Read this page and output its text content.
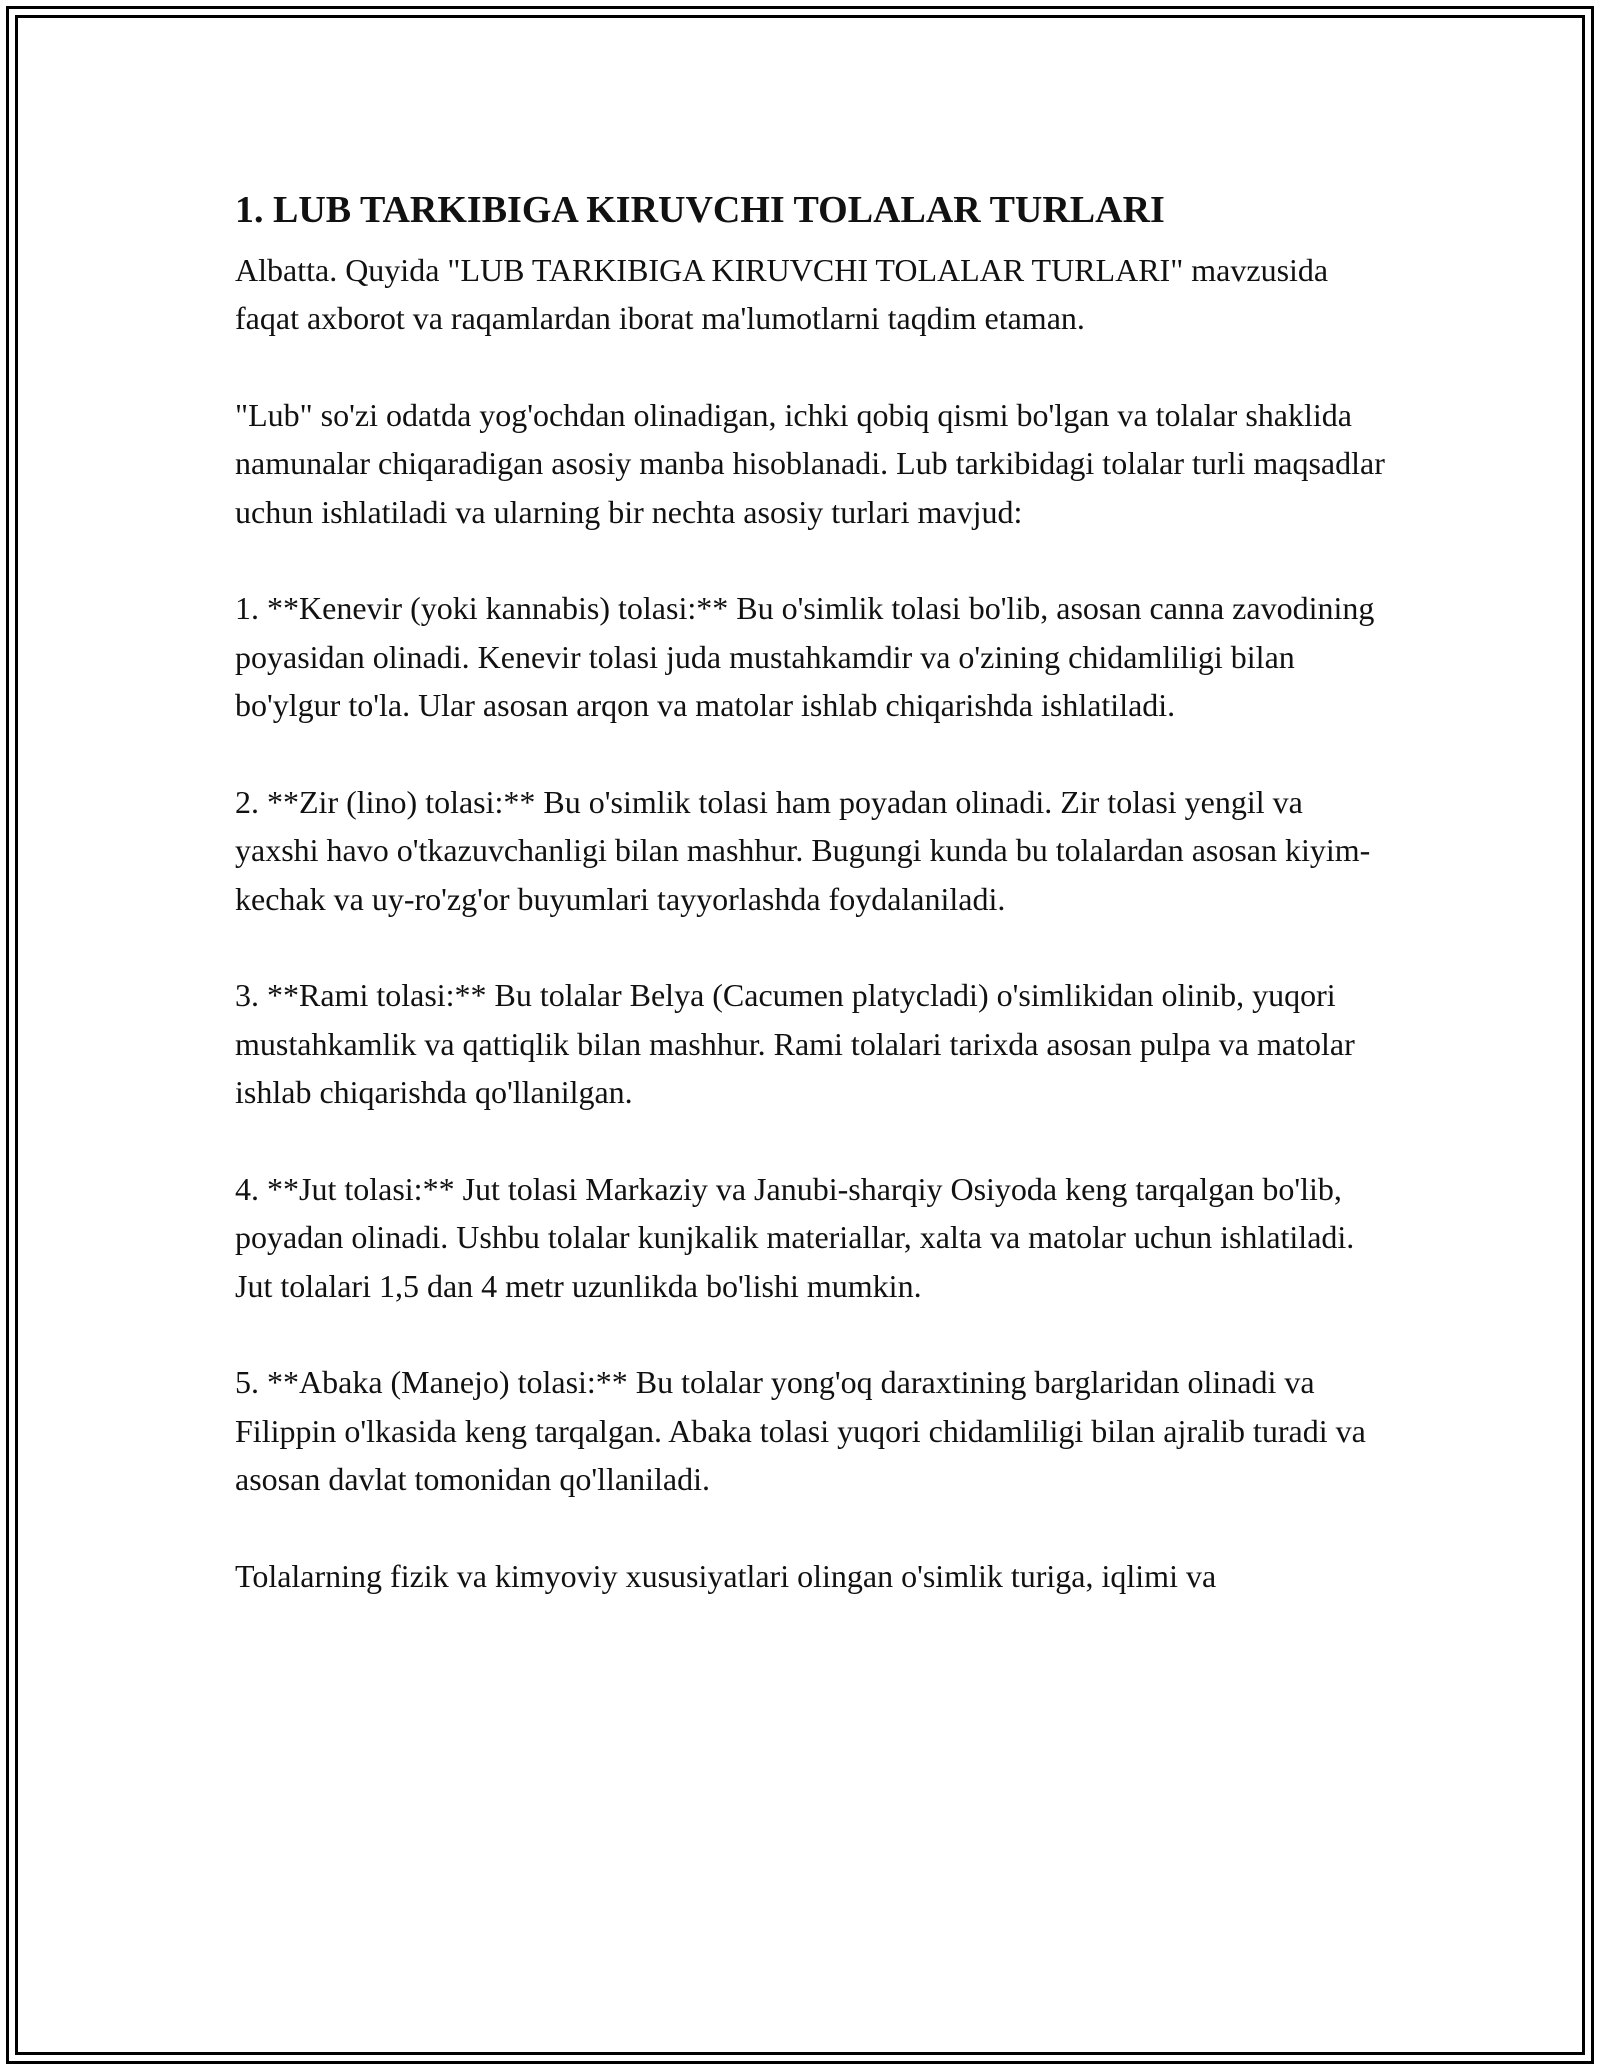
1. LUB TARKIBIGA KIRUVCHI TOLALAR TURLARI

Albatta. Quyida "LUB TARKIBIGA KIRUVCHI TOLALAR TURLARI" mavzusida faqat axborot va raqamlardan iborat ma'lumotlarni taqdim etaman.

"Lub" so'zi odatda yog'ochdan olinadigan, ichki qobiq qismi bo'lgan va tolalar shaklida namunalar chiqaradigan asosiy manba hisoblanadi. Lub tarkibidagi tolalar turli maqsadlar uchun ishlatiladi va ularning bir nechta asosiy turlari mavjud:

1. **Kenevir (yoki kannabis) tolasi:** Bu o'simlik tolasi bo'lib, asosan canna zavodining poyasidan olinadi. Kenevir tolasi juda mustahkamdir va o'zining chidamliligi bilan bo'ylgur to'la. Ular asosan arqon va matolar ishlab chiqarishda ishlatiladi.

2. **Zir (lino) tolasi:** Bu o'simlik tolasi ham poyadan olinadi. Zir tolasi yengil va yaxshi havo o'tkazuvchanligi bilan mashhur. Bugungi kunda bu tolalardan asosan kiyim-kechak va uy-ro'zg'or buyumlari tayyorlashda foydalaniladi.

3. **Rami tolasi:** Bu tolalar Belya (Cacumen platycladi) o'simlikidan olinib, yuqori mustahkamlik va qattiqlik bilan mashhur. Rami tolalari tarixda asosan pulpa va matolar ishlab chiqarishda qo'llanilgan.

4. **Jut tolasi:** Jut tolasi Markaziy va Janubi-sharqiy Osiyoda keng tarqalgan bo'lib, poyadan olinadi. Ushbu tolalar kunjkalik materiallar, xalta va matolar uchun ishlatiladi. Jut tolalari 1,5 dan 4 metr uzunlikda bo'lishi mumkin.

5. **Abaka (Manejo) tolasi:** Bu tolalar yong'oq daraxtining barglaridan olinadi va Filippin o'lkasida keng tarqalgan. Abaka tolasi yuqori chidamliligi bilan ajralib turadi va asosan davlat tomonidan qo'llaniladi.

Tolalarning fizik va kimyoviy xususiyatlari olingan o'simlik turiga, iqlimi va
